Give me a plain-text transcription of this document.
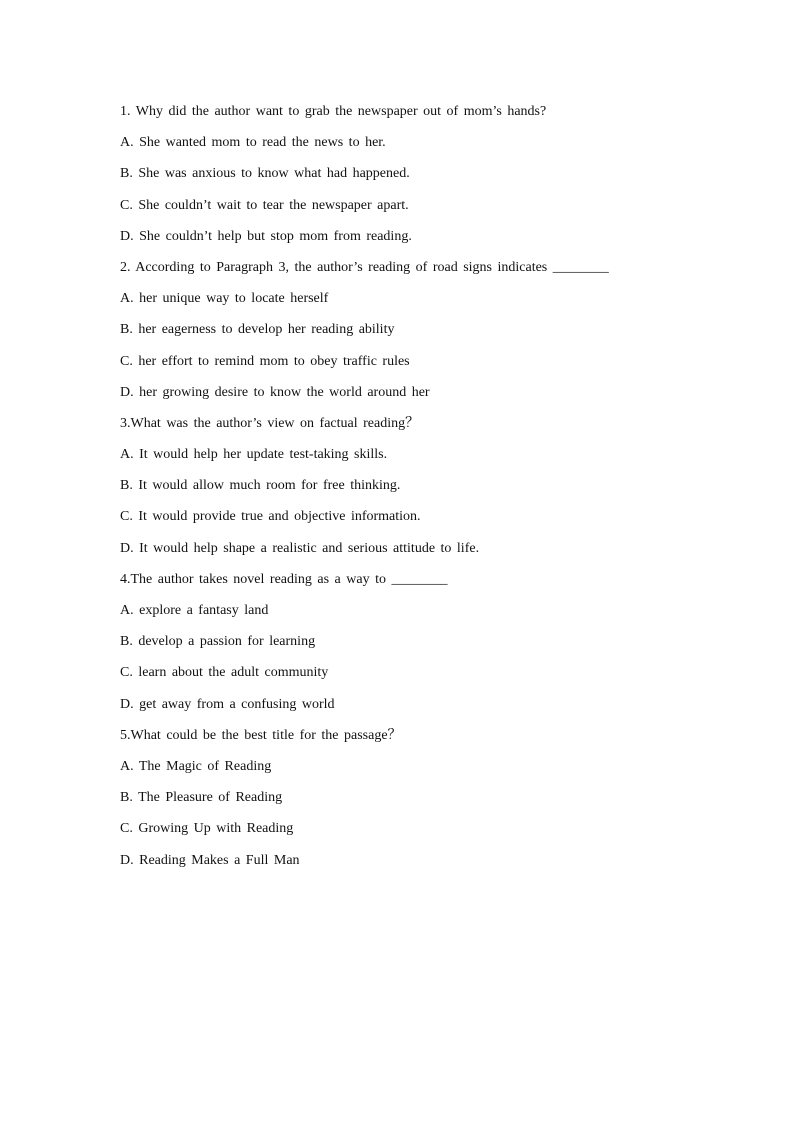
1. Why did the author want to grab the newspaper out of mom’s hands?
A. She wanted mom to read the news to her.
B. She was anxious to know what had happened.
C. She couldn’t wait to tear the newspaper apart.
D. She couldn’t help but stop mom from reading.
2. According to Paragraph 3, the author’s reading of road signs indicates ________
A. her unique way to locate herself
B. her eagerness to develop her reading ability
C. her effort to remind mom to obey traffic rules
D. her growing desire to know the world around her
3.What was the author’s view on factual reading？
A. It would help her update test-taking skills.
B. It would allow much room for free thinking.
C. It would provide true and objective information.
D. It would help shape a realistic and serious attitude to life.
4.The author takes novel reading as a way to ________
A. explore a fantasy land
B. develop a passion for learning
C. learn about the adult community
D. get away from a confusing world
5.What could be the best title for the passage？
A. The Magic of Reading
B. The Pleasure of Reading
C. Growing Up with Reading
D. Reading Makes a Full Man
